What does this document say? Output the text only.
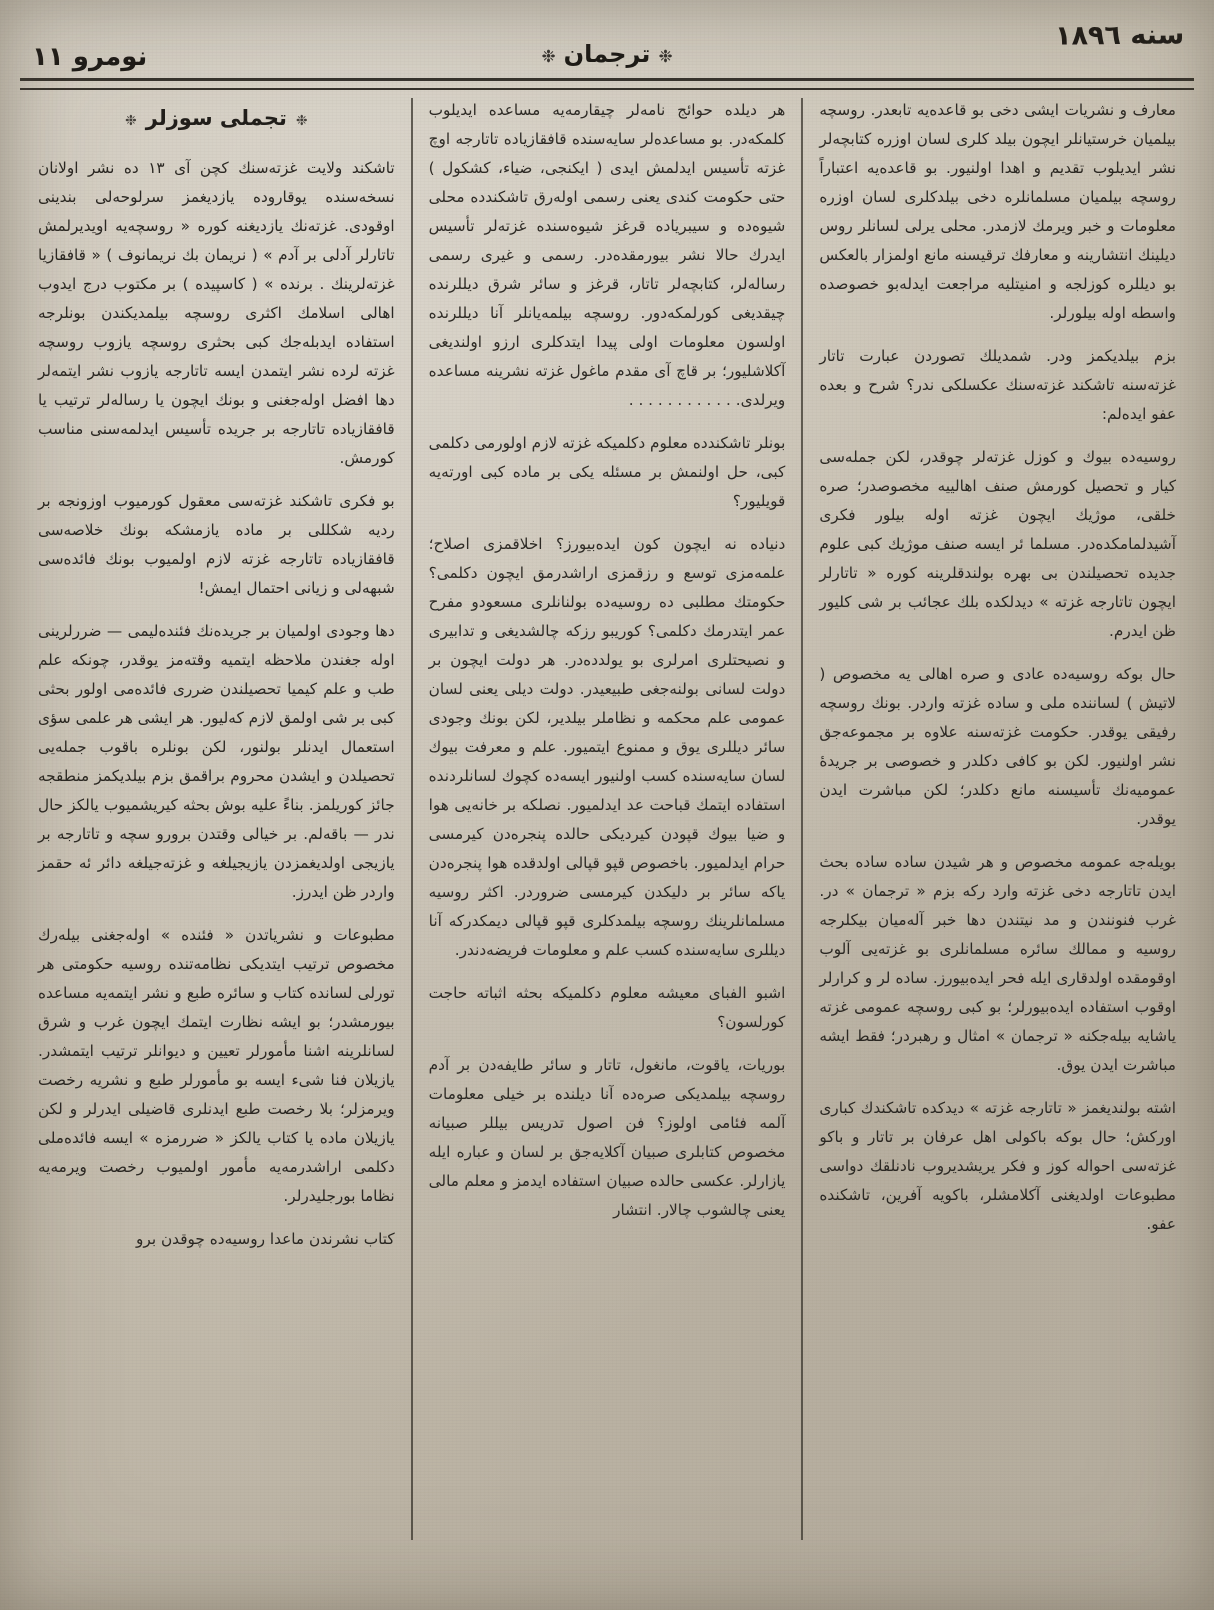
سنه ١٨٩٦
❉ترجمان❉
نومرو ١١

معارف و نشریات ایشی دخی بو قاعدەیه تابعدر. روسچه بیلمیان خرستیانلر ایچون بیلد كلری لسان اوزره كتابچەلر نشر ایدیلوب تقدیم و اهدا اولنیور. بو قاعدەیه اعتباراً روسچه بیلمیان مسلمانلره دخی بیلدكلری لسان اوزره معلومات و خبر ویرمك لازمدر. محلی یرلی لسانلر روس دیلینك انتشارینه و معارفك ترقیسنه مانع اولمزار بالعكس بو دیللره كوزلجه و امنیتلیه مراجعت ایدلەبو خصوصده واسطه اوله بیلورلر.

بزم بیلدیكمز ودر. شمدیلك تصوردن عبارت تاتار غزتەسنه تاشكند غزتەسنك عكسلكی ندر؟ شرح و بعده عفو ایدەلم:

روسیەده بیوك و كوزل غزتەلر چوقدر، لكن جملەسی كیار و تحصیل كورمش صنف اهالییه مخصوصدر؛ صره خلقی، موژیك ایچون غزته اوله بیلور فكری آشیدلمامكدەدر. مسلما ئر ایسه صنف موژیك كبی علوم جدیده تحصیلندن بی بهره بولندقلرینه كوره « تاتارلر ایچون تاتارجه غزته » دیدلكده بلك عجائب بر شی كلیور ظن ایدرم.

حال بوكه روسیەده عادی و صره اهالی یه مخصوص ( لاتیش ) لساننده ملی و ساده غزته واردر. بونك روسچه رفیقی یوقدر. حكومت غزتەسنه علاوه بر مجموعەجق نشر اولنیور. لكن بو كافی دكلدر و خصوصی بر جریدۀ عمومیەنك تأسیسنه مانع دكلدر؛ لكن مباشرت ایدن یوقدر.

بویلەجه عمومه مخصوص و هر شیدن ساده ساده بحث ایدن تاتارجه دخی غزته وارد ركه بزم « ترجمان » در. غرب فنونندن و مد نیتندن دها خبر آلەمیان بیكلرجه روسیه و ممالك سائره مسلمانلری بو غزتەیی آلوب اوقومقده اولدقاری ایله فحر ایدەبیورز. ساده لر و كرارلر اوقوب استفاده ایدەبیورلر؛ بو كبی روسچه عمومی غزته یاشایه بیلەجكنه « ترجمان » امثال و رهبردر؛ فقط ایشه مباشرت ایدن یوق.

اشته بولندیغمز « تاتارجه غزته » دیدكده تاشكندك كباری اوركش؛ حال بوكه باكولی اهل عرفان بر تاتار و باكو غزتەسی احواله كوز و فكر یریشدیروب نادنلقك دواسی مطبوعات اولدیغنی آكلامشلر، باكویه آفرین، تاشكنده عفو.

هر دیلده حوائج نامەلر چیقارمەیه مساعده ایدیلوب كلمكەدر. بو مساعدەلر سایەسنده قافقازیاده تاتارجه اوچ غزته تأسیس ایدلمش ایدی ( ایكنجی، ضیاء، كشكول ) حتی حكومت كندی یعنی رسمی اولەرق تاشكندده محلی شیوەده و سیبریاده قرغز شیوەسنده غزتەلر تأسیس ایدرك حالا نشر بیورمقدەدر. رسمی و غیری رسمی رسالەلر، كتابچەلر تاتار، قرغز و سائر شرق دیللرنده چیقدیغی كورلمكەدور. روسچه بیلمەیانلر آنا دیللرنده اولسون معلومات اولی پیدا ایتدكلری ارزو اولندیغی آكلاشلیور؛ بر قاچ آی مقدم ماغول غزته نشرینه مساعده ویرلدی. . . . . . . . . . . .

بونلر تاشكندده معلوم دكلمیكه غزته لازم اولورمی دكلمی كبی، حل اولنمش بر مسئله یكی بر ماده كبی اورتەیه قویلیور؟

دنیاده نه ایچون كون ایدەبیورز؟ اخلاقمزی اصلاح؛ علمەمزی توسع و رزقمزی اراشدرمق ایچون دكلمی؟ حكومتك مطلبی ده روسیەده بولنانلری مسعودو مفرح عمر ایتدرمك دكلمی؟ كوریبو رزكه چالشدیغی و تدابیری و نصیحتلری امرلری بو یولددەدر. هر دولت ایچون بر دولت لسانی بولنەجغی طبیعیدر. دولت دیلی یعنی لسان عمومی علم محكمه و نظاملر بیلدیر، لكن بونك وجودی سائر دیللری یوق و ممنوع ایتمیور. علم و معرفت بیوك لسان سایەسنده كسب اولنیور ایسەده كچوك لسانلردنده استفاده ایتمك قباحت عد ایدلمیور. نصلكه بر خانەیی هوا و ضیا بیوك قپودن كیردیكی حالده پنجرەدن كیرمسی حرام ایدلمیور. باخصوص قپو قپالی اولدقده هوا پنجرەدن یاكه سائر بر دلیكدن كیرمسی ضروردر. اكثر روسیه مسلمانلرینك روسچه بیلمدكلری قپو قپالی دیمكدركه آنا دیللری سایەسنده كسب علم و معلومات فریضەدندر.

اشبو الفبای معیشه معلوم دكلمیكه بحثه اثباته حاجت كورلسون؟

بوریات، یاقوت، مانغول، تاتار و سائر طایفەدن بر آدم روسچه بیلمدیكی صرەده آنا دیلنده بر خیلی معلومات آلمه فئامی اولوز؟ فن اصول تدریس بیللر صبیانه مخصوص كتابلری صبیان آكلایەجق بر لسان و عبارە ایله یازارلر. عكسی حالده صبیان استفاده ایدمز و معلم مالی یعنی چالشوب چالار. انتشار

❉تجملی سوزلر❉

تاشكند ولايت غزتەسنك كچن آی ١٣ ده نشر اولانان نسخەسنده یوقاروده یازدیغمز سرلوحەلی بندینی اوقودی. غزتەنك یازدیغنه كوره « روسچەیه اویدیرلمش تاتارلر آدلی بر آدم » ( نریمان بك نریمانوف ) « قافقازیا غزتەلرینك . برنده » ( كاسپیده ) بر مكتوب درج ایدوب اهالی اسلامك اكثری روسچه بیلمدیكندن بونلرجه استفاده ایدبلەجك كبی بحثری روسچه یازوب روسچه غزته لرده نشر ایتمدن ایسه تاتارجه یازوب نشر ایتمەلر دها افضل اولەجغنی و بونك ایچون یا رسالەلر ترتیب یا قافقازیاده تاتارجه بر جریده تأسیس ایدلمەسنی مناسب كورمش.

بو فكری تاشكند غزتەسی معقول كورمیوب اوزونجه بر ردیه شكللی بر ماده یازمشكه بونك خلاصەسی قافقازیاده تاتارجه غزته لازم اولمیوب بونك فائدەسی شبهەلی و زیانی احتمال ایمش!

دها وجودی اولمیان بر جریدەنك فئندەلیمی — ضررلرینی اوله جغندن ملاحظه ایتمیه وقتەمز یوقدر، چونكه علم طب و علم كیمیا تحصیلندن ضرری فائدەمی اولور بحثی كبی بر شی اولمق لازم كەلیور. هر ایشی هر علمی سؤی استعمال ایدنلر بولنور، لكن بونلره باقوب جملەیی تحصیلدن و ایشدن محروم براقمق بزم بیلدیكمز منطقجه جائز كوریلمز. بناءً علیه بوش بحثه كیریشمیوب یالكز حال ندر — باقەلم. بر خیالی وقتدن برورو سچه و تاتارجه بر یازیجی اولدیغمزدن یازیجیلغه و غزتەجیلغه دائر ئه حقمز واردر ظن ایدرز.

مطبوعات و نشریاتدن « فئنده » اولەجغنی بیلەرك مخصوص ترتیب ایتدیكی نظامەتنده روسیه حكومتی هر تورلی لسانده كتاب و سائره طبع و نشر ایتمەیه مساعده بیورمشدر؛ بو ایشه نظارت ایتمك ایچون غرب و شرق لسانلرینه اشنا مأمورلر تعیین و دیوانلر ترتیب ایتمشدر. یازیلان فنا شیء ایسه بو مأمورلر طبع و نشریه رخصت ویرمزلر؛ بلا رخصت طبع ایدنلری قاضیلی ایدرلر و لكن یازیلان ماده یا كتاب یالكز « ضررمزه » ایسه فائدەملی دكلمی اراشدرمەیه مأمور اولمیوب رخصت ویرمەیه نظاما بورجلیدرلر.

كتاب نشرندن ماعدا روسیەده چوقدن برو
